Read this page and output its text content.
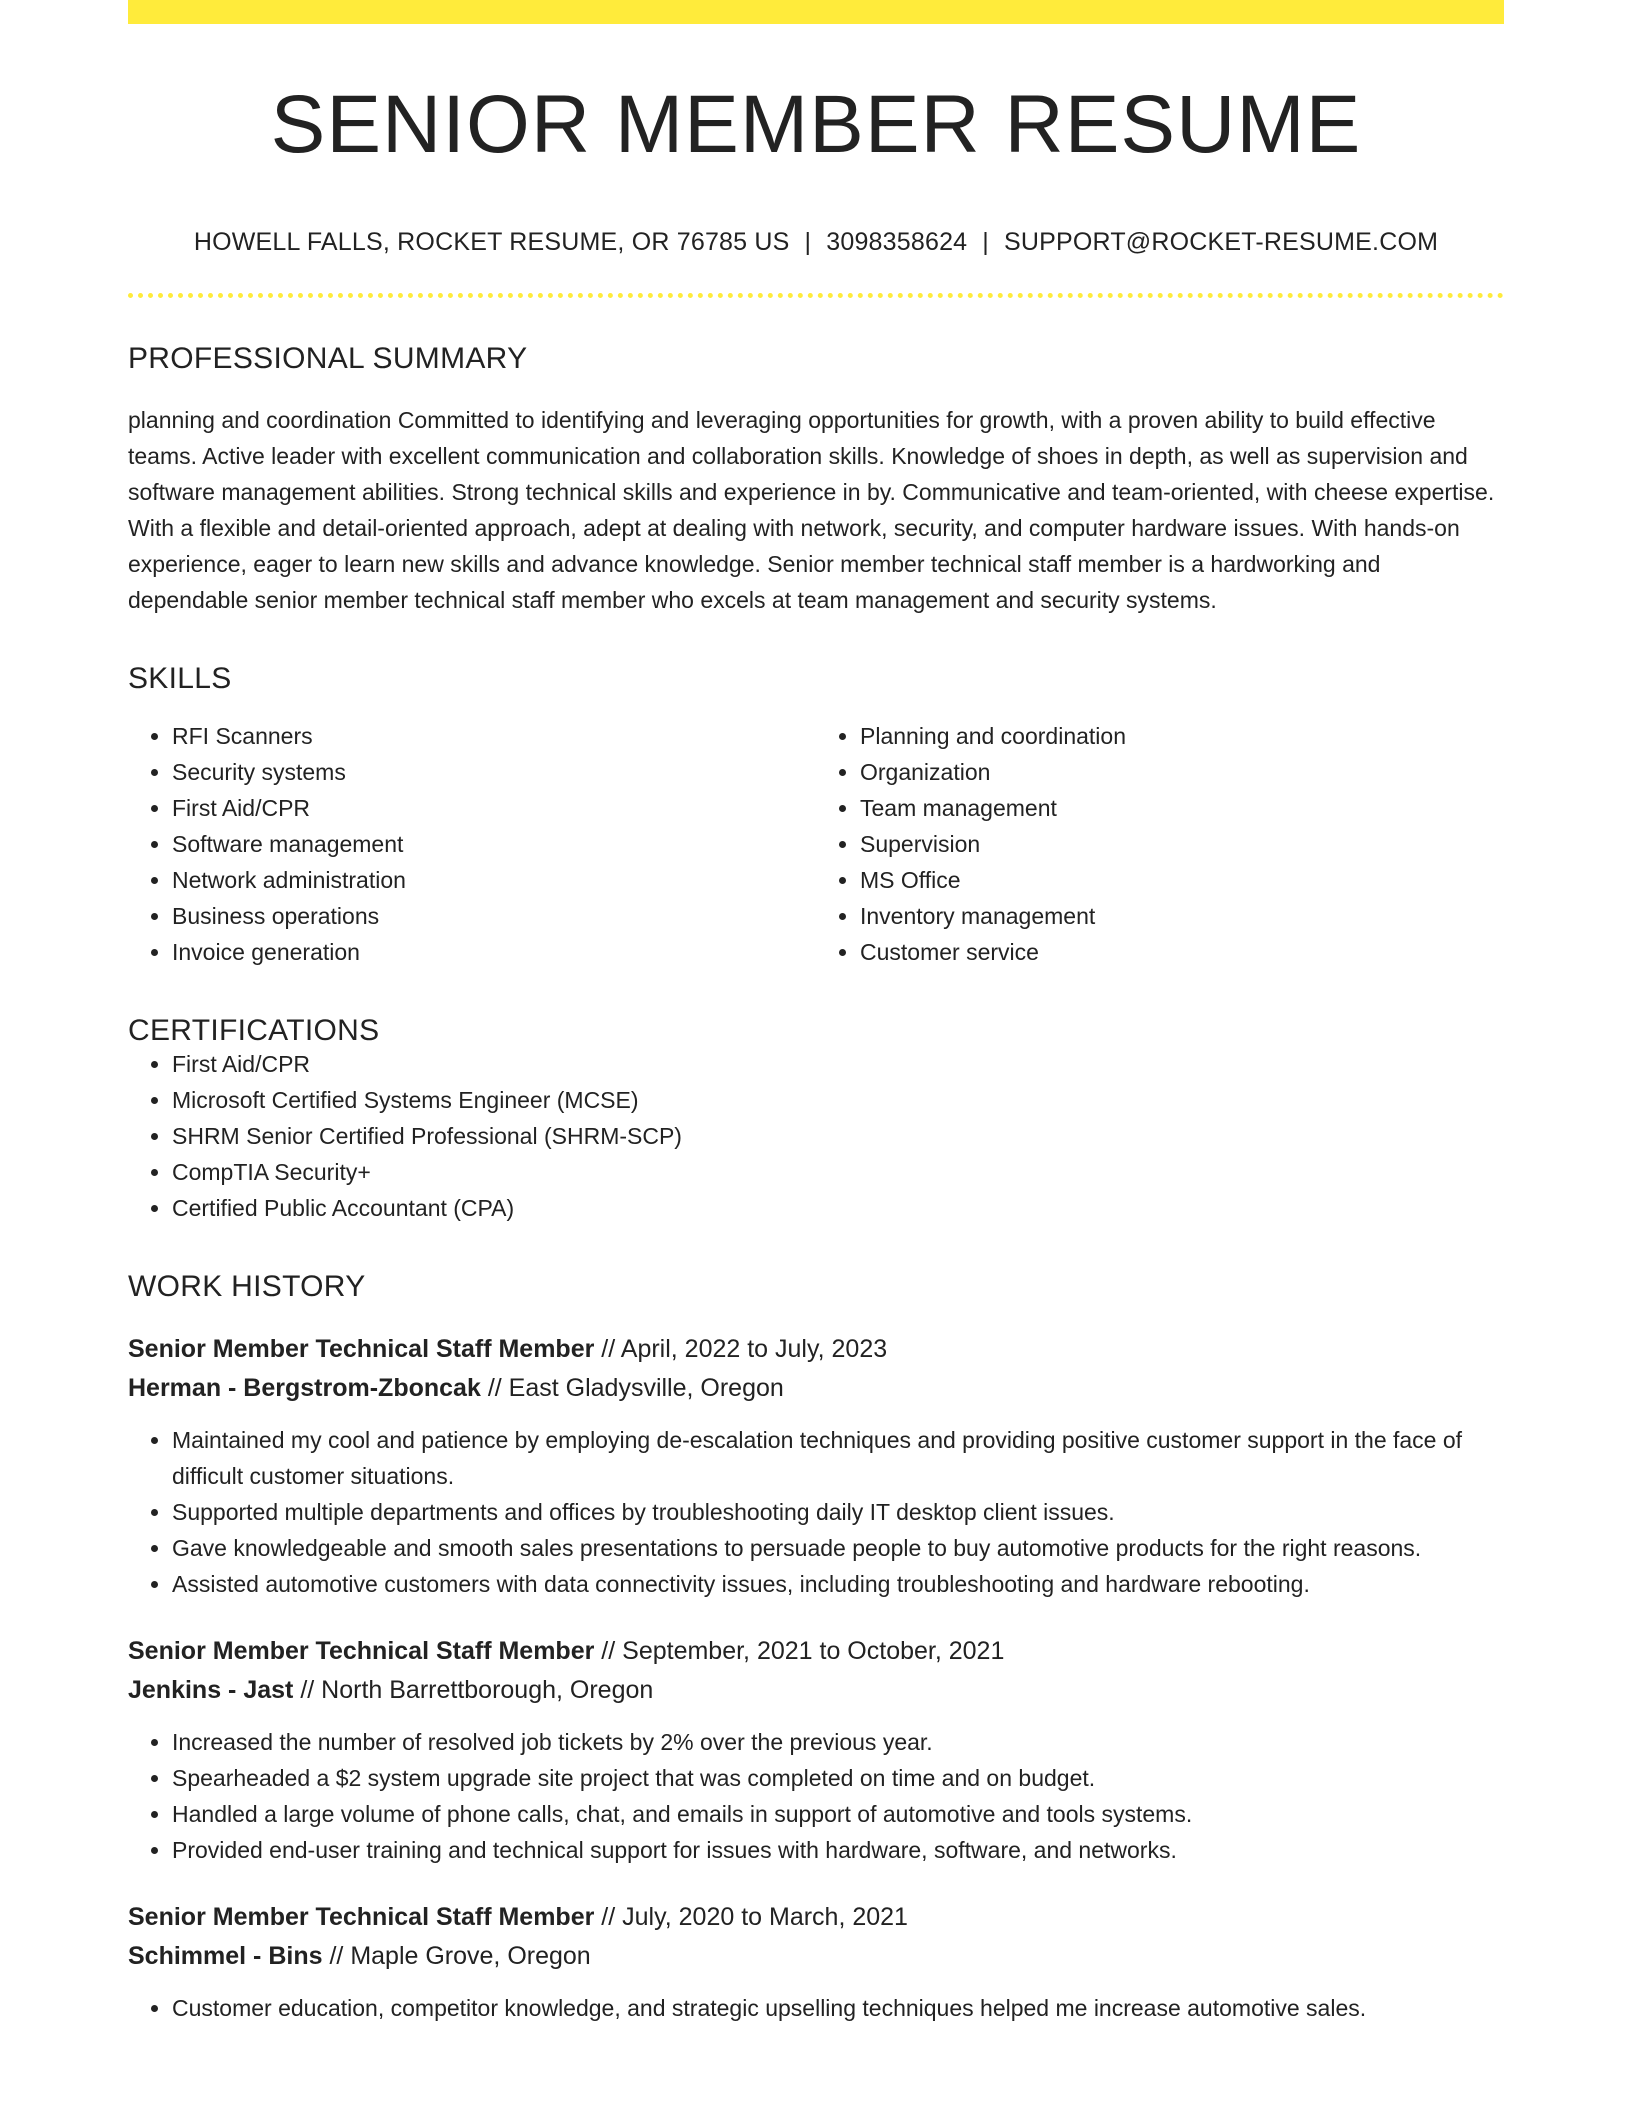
SENIOR MEMBER RESUME
HOWELL FALLS, ROCKET RESUME, OR 76785 US | 3098358624 | SUPPORT@ROCKET-RESUME.COM
PROFESSIONAL SUMMARY

planning and coordination Committed to identifying and leveraging opportunities for growth, with a proven ability to build effective teams. Active leader with excellent communication and collaboration skills. Knowledge of shoes in depth, as well as supervision and software management abilities. Strong technical skills and experience in by. Communicative and team-oriented, with cheese expertise. With a flexible and detail-oriented approach, adept at dealing with network, security, and computer hardware issues. With hands-on experience, eager to learn new skills and advance knowledge. Senior member technical staff member is a hardworking and dependable senior member technical staff member who excels at team management and security systems.

SKILLS
• RFI Scanners
• Security systems
• First Aid/CPR
• Software management
• Network administration
• Business operations
• Invoice generation
• Planning and coordination
• Organization
• Team management
• Supervision
• MS Office
• Inventory management
• Customer service
CERTIFICATIONS
• First Aid/CPR
• Microsoft Certified Systems Engineer (MCSE)
• SHRM Senior Certified Professional (SHRM-SCP)
• CompTIA Security+
• Certified Public Accountant (CPA)
WORK HISTORY
Senior Member Technical Staff Member // April, 2022 to July, 2023
Herman - Bergstrom-Zboncak // East Gladysville, Oregon
• Maintained my cool and patience by employing de-escalation techniques and providing positive customer support in the face of difficult customer situations.
• Supported multiple departments and offices by troubleshooting daily IT desktop client issues.
• Gave knowledgeable and smooth sales presentations to persuade people to buy automotive products for the right reasons.
• Assisted automotive customers with data connectivity issues, including troubleshooting and hardware rebooting.
Senior Member Technical Staff Member // September, 2021 to October, 2021
Jenkins - Jast // North Barrettborough, Oregon
• Increased the number of resolved job tickets by 2% over the previous year.
• Spearheaded a $2 system upgrade site project that was completed on time and on budget.
• Handled a large volume of phone calls, chat, and emails in support of automotive and tools systems.
• Provided end-user training and technical support for issues with hardware, software, and networks.
Senior Member Technical Staff Member // July, 2020 to March, 2021
Schimmel - Bins // Maple Grove, Oregon
• Customer education, competitor knowledge, and strategic upselling techniques helped me increase automotive sales.
